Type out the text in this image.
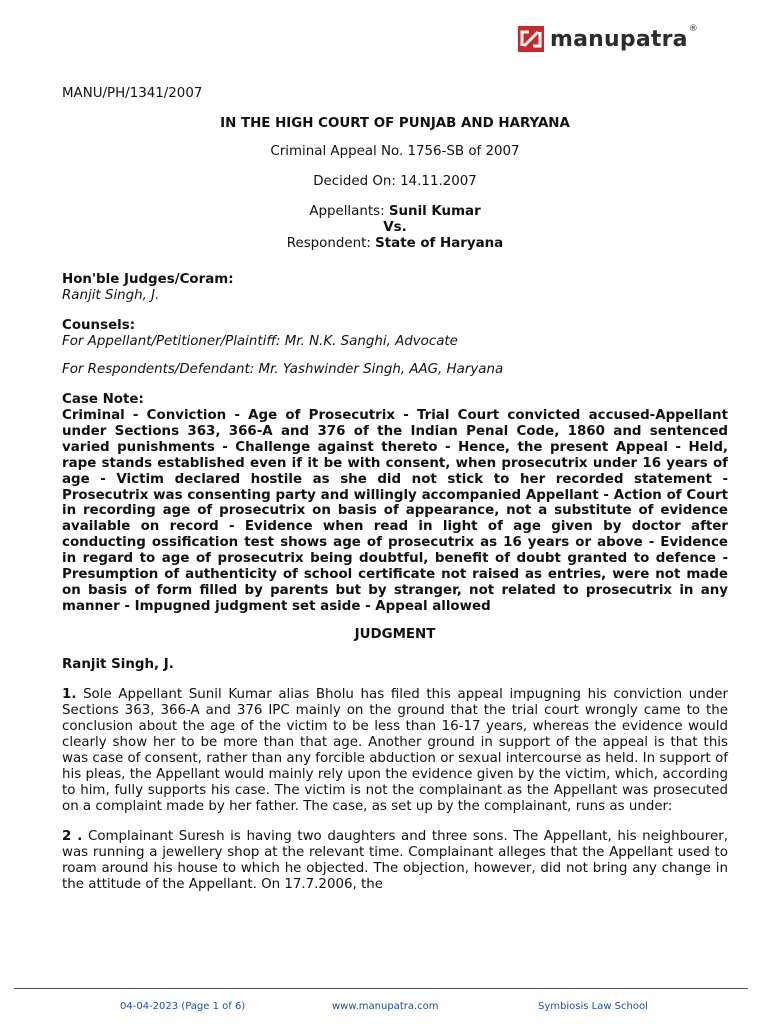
manupatra ®
MANU/PH/1341/2007
IN THE HIGH COURT OF PUNJAB AND HARYANA
Criminal Appeal No. 1756-SB of 2007
Decided On: 14.11.2007
Appellants: Sunil Kumar
Vs.
Respondent: State of Haryana
Hon'ble Judges/Coram:
Ranjit Singh, J.
Counsels:
For Appellant/Petitioner/Plaintiff: Mr. N.K. Sanghi, Advocate
For Respondents/Defendant: Mr. Yashwinder Singh, AAG, Haryana
Case Note:
Criminal - Conviction - Age of Prosecutrix - Trial Court convicted accused-Appellant under Sections 363, 366-A and 376 of the Indian Penal Code, 1860 and sentenced varied punishments - Challenge against thereto - Hence, the present Appeal - Held, rape stands established even if it be with consent, when prosecutrix under 16 years of age - Victim declared hostile as she did not stick to her recorded statement - Prosecutrix was consenting party and willingly accompanied Appellant - Action of Court in recording age of prosecutrix on basis of appearance, not a substitute of evidence available on record - Evidence when read in light of age given by doctor after conducting ossification test shows age of prosecutrix as 16 years or above - Evidence in regard to age of prosecutrix being doubtful, benefit of doubt granted to defence - Presumption of authenticity of school certificate not raised as entries, were not made on basis of form filled by parents but by stranger, not related to prosecutrix in any manner - Impugned judgment set aside - Appeal allowed
JUDGMENT
Ranjit Singh, J.
1. Sole Appellant Sunil Kumar alias Bholu has filed this appeal impugning his conviction under Sections 363, 366-A and 376 IPC mainly on the ground that the trial court wrongly came to the conclusion about the age of the victim to be less than 16-17 years, whereas the evidence would clearly show her to be more than that age. Another ground in support of the appeal is that this was case of consent, rather than any forcible abduction or sexual intercourse as held. In support of his pleas, the Appellant would mainly rely upon the evidence given by the victim, which, according to him, fully supports his case. The victim is not the complainant as the Appellant was prosecuted on a complaint made by her father. The case, as set up by the complainant, runs as under:
2 . Complainant Suresh is having two daughters and three sons. The Appellant, his neighbourer, was running a jewellery shop at the relevant time. Complainant alleges that the Appellant used to roam around his house to which he objected. The objection, however, did not bring any change in the attitude of the Appellant. On 17.7.2006, the
04-04-2023 (Page 1 of 6)	www.manupatra.com	Symbiosis Law School
